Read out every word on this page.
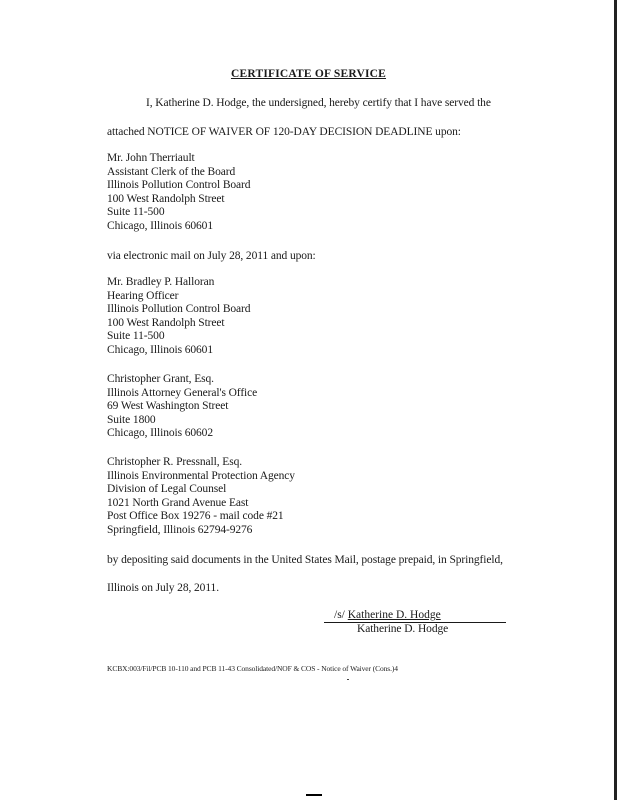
CERTIFICATE OF SERVICE
I, Katherine D. Hodge, the undersigned, hereby certify that I have served the
attached NOTICE OF WAIVER OF 120-DAY DECISION DEADLINE upon:
Mr. John Therriault
Assistant Clerk of the Board
Illinois Pollution Control Board
100 West Randolph Street
Suite 11-500
Chicago, Illinois 60601
via electronic mail on July 28, 2011 and upon:
Mr. Bradley P. Halloran
Hearing Officer
Illinois Pollution Control Board
100 West Randolph Street
Suite 11-500
Chicago, Illinois 60601
Christopher Grant, Esq.
Illinois Attorney General's Office
69 West Washington Street
Suite 1800
Chicago, Illinois 60602
Christopher R. Pressnall, Esq.
Illinois Environmental Protection Agency
Division of Legal Counsel
1021 North Grand Avenue East
Post Office Box 19276 - mail code #21
Springfield, Illinois 62794-9276
by depositing said documents in the United States Mail, postage prepaid, in Springfield,
Illinois on July 28, 2011.
/s/ Katherine D. Hodge
Katherine D. Hodge
KCBX:003/Fil/PCB 10-110 and PCB 11-43 Consolidated/NOF & COS - Notice of Waiver (Cons.)4
